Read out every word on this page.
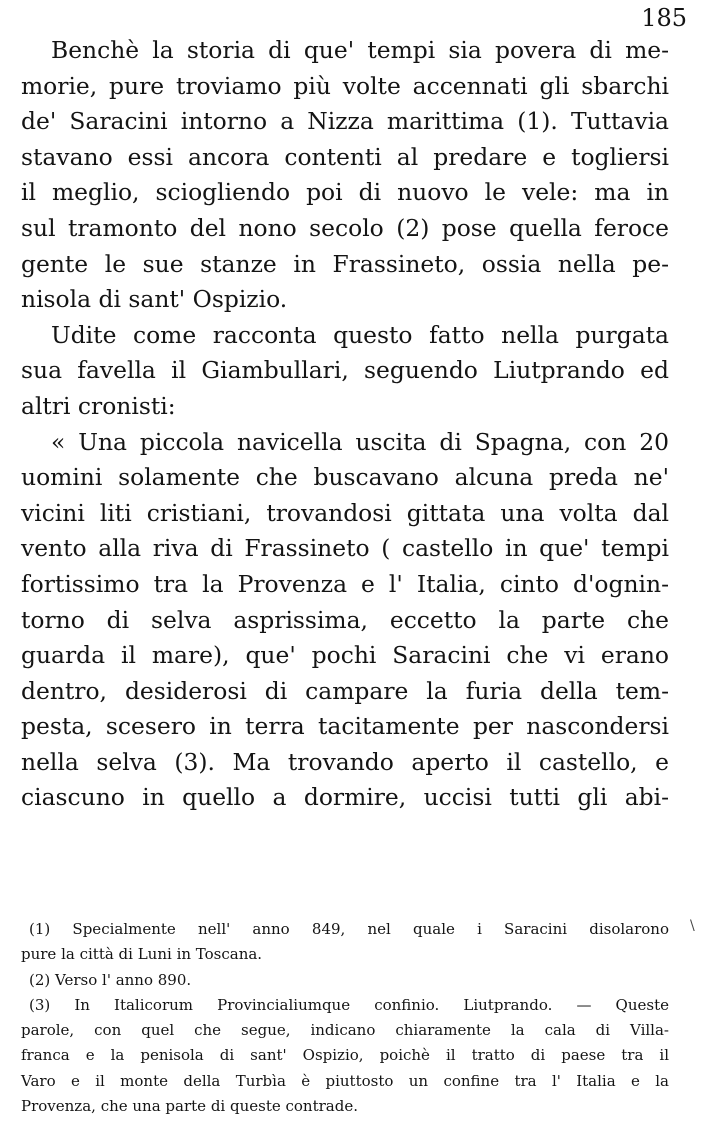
185
Benchè la storia di que' tempi sia povera di me-
morie, pure troviamo più volte accennati gli sbarchi
de' Saracini intorno a Nizza marittima (1). Tuttavia
stavano essi ancora contenti al predare e togliersi
il meglio, sciogliendo poi di nuovo le vele: ma in
sul tramonto del nono secolo (2) pose quella feroce
gente le sue stanze in Frassineto, ossia nella pe-
nisola di sant' Ospizio.
Udite come racconta questo fatto nella purgata
sua favella il Giambullari, seguendo Liutprando ed
altri cronisti:
« Una piccola navicella uscita di Spagna, con 20
uomini solamente che buscavano alcuna preda ne'
vicini liti cristiani, trovandosi gittata una volta dal
vento alla riva di Frassineto ( castello in que' tempi
fortissimo tra la Provenza e l' Italia, cinto d'ognin-
torno di selva asprissima, eccetto la parte che
guarda il mare), que' pochi Saracini che vi erano
dentro, desiderosi di campare la furia della tem-
pesta, scesero in terra tacitamente per nascondersi
nella selva (3). Ma trovando aperto il castello, e
ciascuno in quello a dormire, uccisi tutti gli abi-
\
(1) Specialmente nell' anno 849, nel quale i Saracini disolarono
pure la città di Luni in Toscana.
(2) Verso l' anno 890.
(3) In Italicorum Provincialiumque confinio. Liutprando. — Queste
parole, con quel che segue, indicano chiaramente la cala di Villa-
franca e la penisola di sant' Ospizio, poichè il tratto di paese tra il
Varo e il monte della Turbìa è piuttosto un confine tra l' Italia e la
Provenza, che una parte di queste contrade.
